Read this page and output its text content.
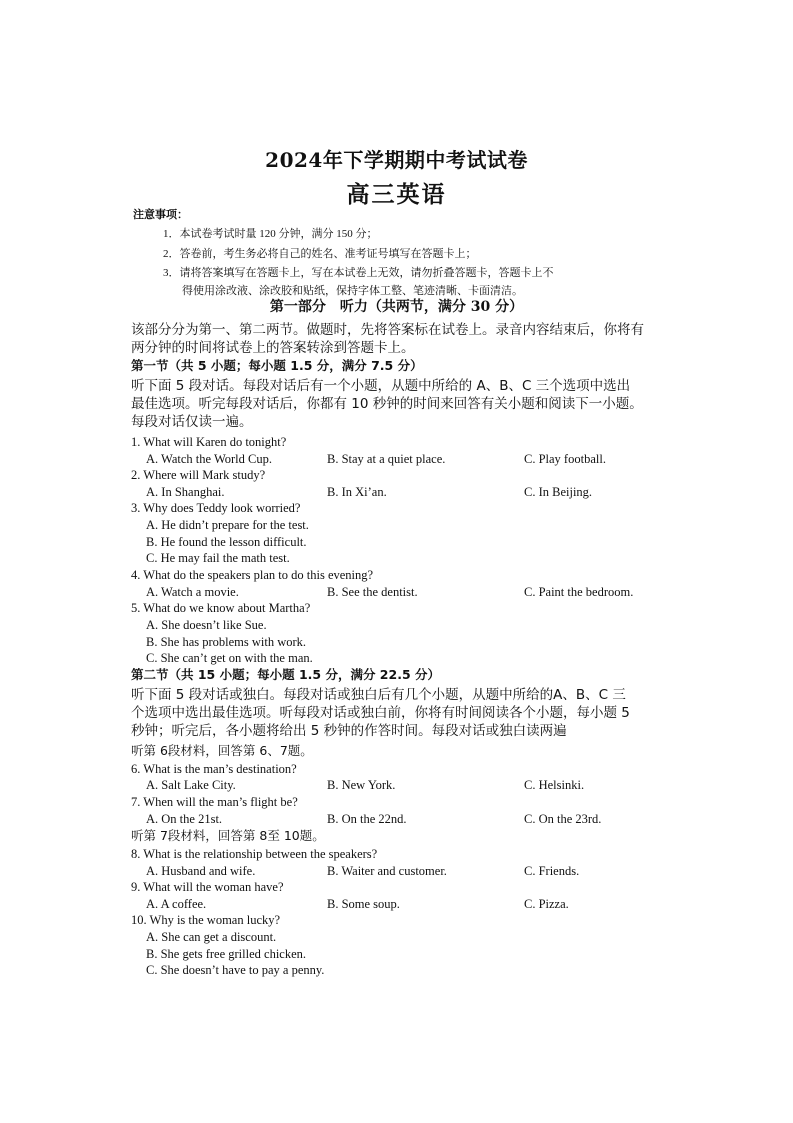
2024年下学期期中考试试卷
高三英语
注意事项：
1．本试卷考试时量 120 分钟，满分 150 分；
2．答卷前，考生务必将自己的姓名、准考证号填写在答题卡上；
3．请将答案填写在答题卡上，写在本试卷上无效，请勿折叠答题卡，答题卡上不
得使用涂改液、涂改胶和贴纸，保持字体工整、笔迹清晰、卡面清洁。
第一部分　听力（共两节，满分 30 分）
该部分分为第一、第二两节。做题时，先将答案标在试卷上。录音内容结束后，你将有
两分钟的时间将试卷上的答案转涂到答题卡上。
第一节（共 5 小题；每小题 1.5 分，满分 7.5 分）
听下面 5 段对话。每段对话后有一个小题，从题中所给的 A、B、C 三个选项中选出
最佳选项。听完每段对话后，你都有 10 秒钟的时间来回答有关小题和阅读下一小题。
每段对话仅读一遍。
1. What will Karen do tonight?
A. Watch the World Cup.	B. Stay at a quiet place.	C. Play football.
2. Where will Mark study?
A. In Shanghai.	B. In Xi’an.	C. In Beijing.
3. Why does Teddy look worried?
A. He didn’t prepare for the test.
B. He found the lesson difficult.
C. He may fail the math test.
4. What do the speakers plan to do this evening?
A. Watch a movie.	B. See the dentist.	C. Paint the bedroom.
5. What do we know about Martha?
A. She doesn’t like Sue.
B. She has problems with work.
C. She can’t get on with the man.
第二节（共 15 小题；每小题 1.5 分，满分 22.5 分）
听下面 5 段对话或独白。每段对话或独白后有几个小题，从题中所给的A、B、C 三
个选项中选出最佳选项。听每段对话或独白前，你将有时间阅读各个小题，每小题 5
秒钟；听完后，各小题将给出 5 秒钟的作答时间。每段对话或独白读两遍
听第 6段材料，回答第 6、7题。
6. What is the man’s destination?
A. Salt Lake City.	B. New York.	C. Helsinki.
7. When will the man’s flight be?
A. On the 21st.	B. On the 22nd.	C. On the 23rd.
听第 7段材料，回答第 8至 10题。
8. What is the relationship between the speakers?
A. Husband and wife.	B. Waiter and customer.	C. Friends.
9. What will the woman have?
A. A coffee.	B. Some soup.	C. Pizza.
10. Why is the woman lucky?
A. She can get a discount.
B. She gets free grilled chicken.
C. She doesn’t have to pay a penny.
